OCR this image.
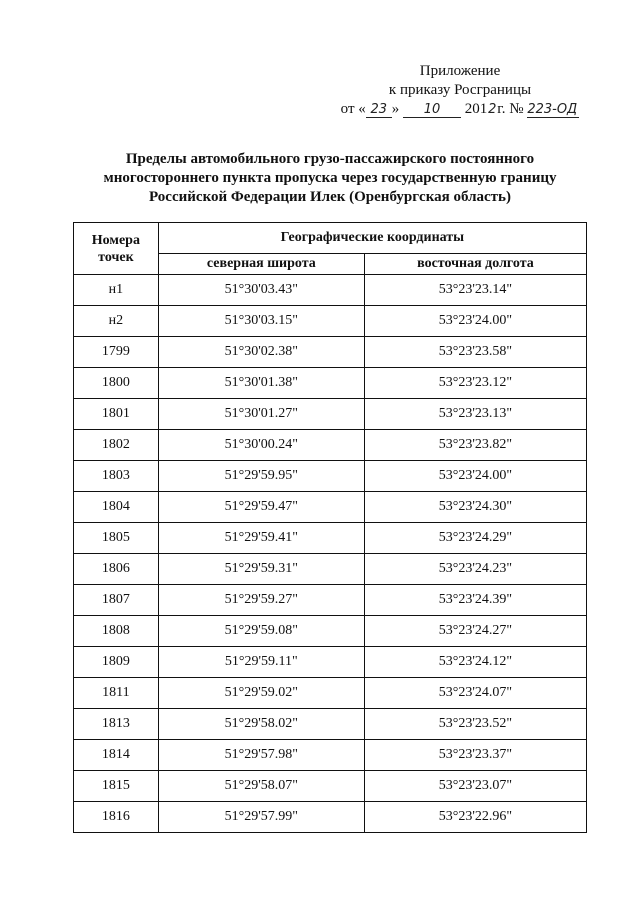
Приложение
к приказу Росграницы
от « 23 » 10 2012г. № 223-ОД
Пределы автомобильного грузо-пассажирского постоянного
многостороннего пункта пропуска через государственную границу
Российской Федерации Илек (Оренбургская область)
Номера
точек	Географические координаты	
	северная широта	восточная долгота
н1	51°30'03.43"	53°23'23.14"
н2	51°30'03.15"	53°23'24.00"
1799	51°30'02.38"	53°23'23.58"
1800	51°30'01.38"	53°23'23.12"
1801	51°30'01.27"	53°23'23.13"
1802	51°30'00.24"	53°23'23.82"
1803	51°29'59.95"	53°23'24.00"
1804	51°29'59.47"	53°23'24.30"
1805	51°29'59.41"	53°23'24.29"
1806	51°29'59.31"	53°23'24.23"
1807	51°29'59.27"	53°23'24.39"
1808	51°29'59.08"	53°23'24.27"
1809	51°29'59.11"	53°23'24.12"
1811	51°29'59.02"	53°23'24.07"
1813	51°29'58.02"	53°23'23.52"
1814	51°29'57.98"	53°23'23.37"
1815	51°29'58.07"	53°23'23.07"
1816	51°29'57.99"	53°23'22.96"
